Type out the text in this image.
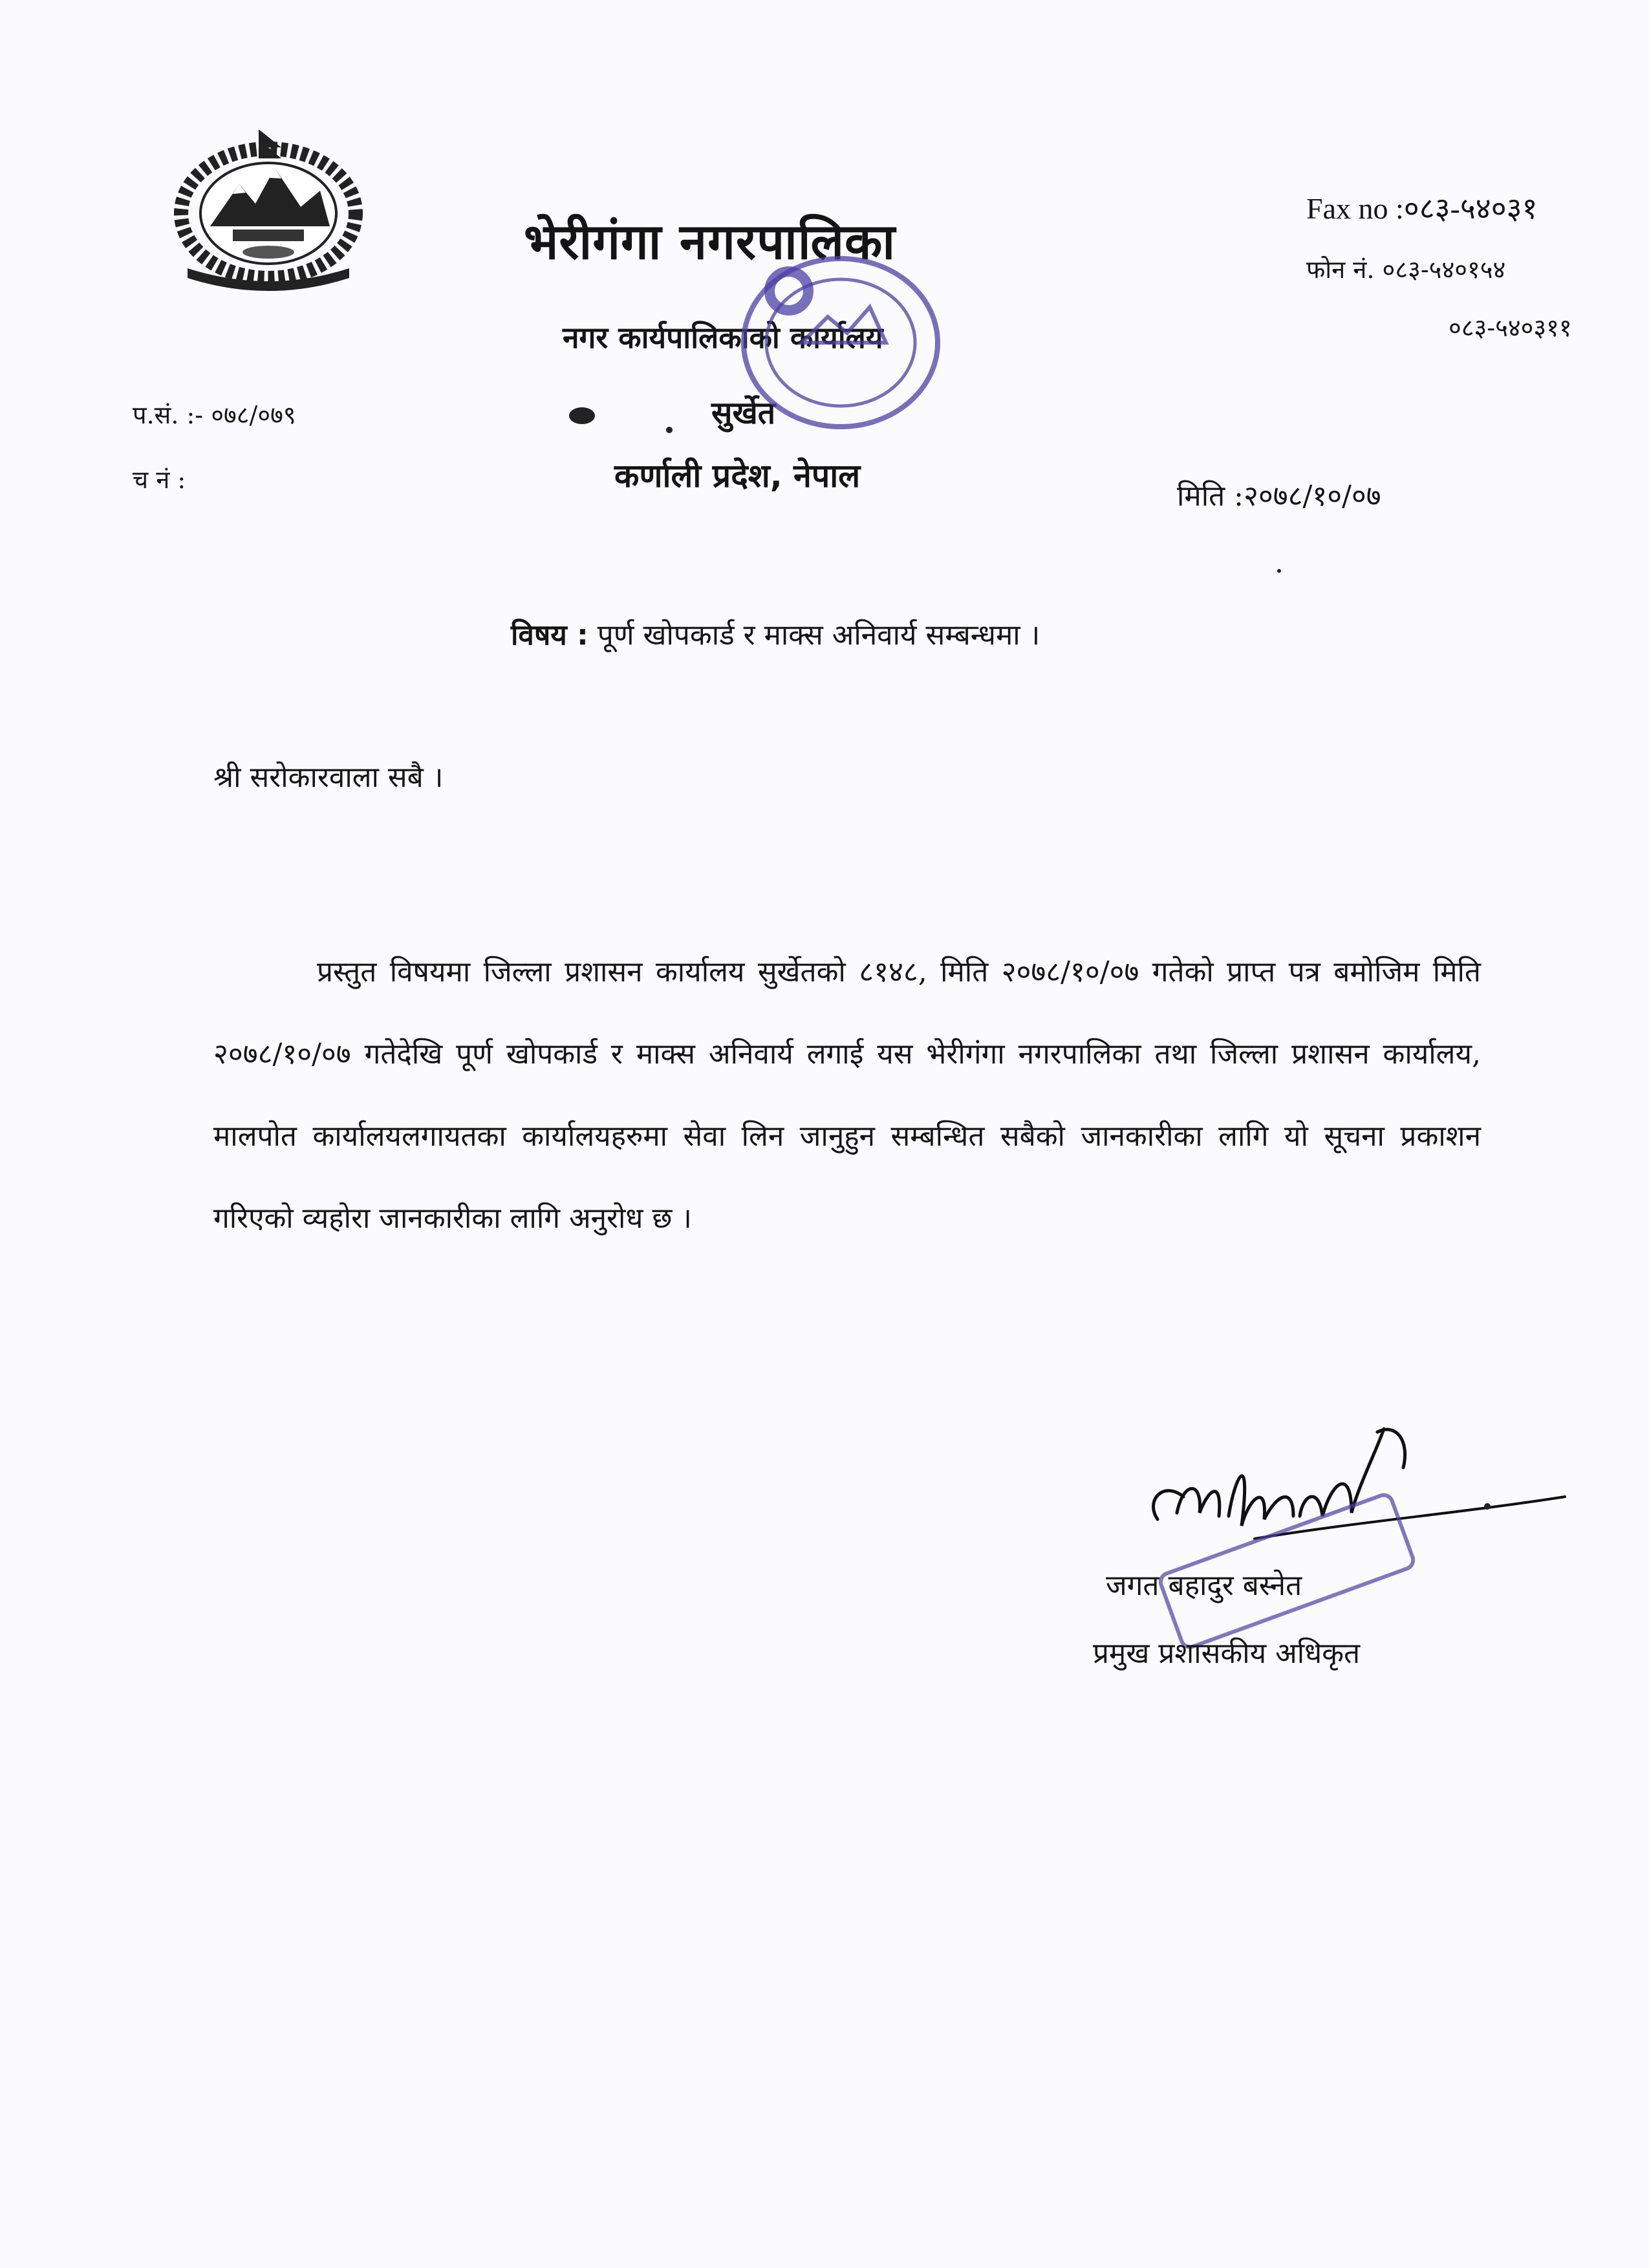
भेरीगंगा नगरपालिका
नगर कार्यपालिकाको कार्यालय
सुर्खेत
कर्णाली प्रदेश, नेपाल
Fax no :०८३-५४०३१
फोन नं. ०८३-५४०१५४
०८३-५४०३११
प.सं. :- ०७८/०७९
च नं :	मिति :२०७८/१०/०७
विषय : पूर्ण खोपकार्ड र माक्स अनिवार्य सम्बन्धमा ।
श्री सरोकारवाला सबै ।
प्रस्तुत विषयमा जिल्ला प्रशासन कार्यालय सुर्खेतको ८१४८, मिति २०७८/१०/०७ गतेको प्राप्त पत्र बमोजिम मिति २०७८/१०/०७ गतेदेखि पूर्ण खोपकार्ड र माक्स अनिवार्य लगाई यस भेरीगंगा नगरपालिका तथा जिल्ला प्रशासन कार्यालय, मालपोत कार्यालयलगायतका कार्यालयहरुमा सेवा लिन जानुहुन सम्बन्धित सबैको जानकारीका लागि यो सूचना प्रकाशन गरिएको व्यहोरा जानकारीका लागि अनुरोध छ ।
जगत बहादुर बस्नेत
प्रमुख प्रशासकीय अधिकृत
